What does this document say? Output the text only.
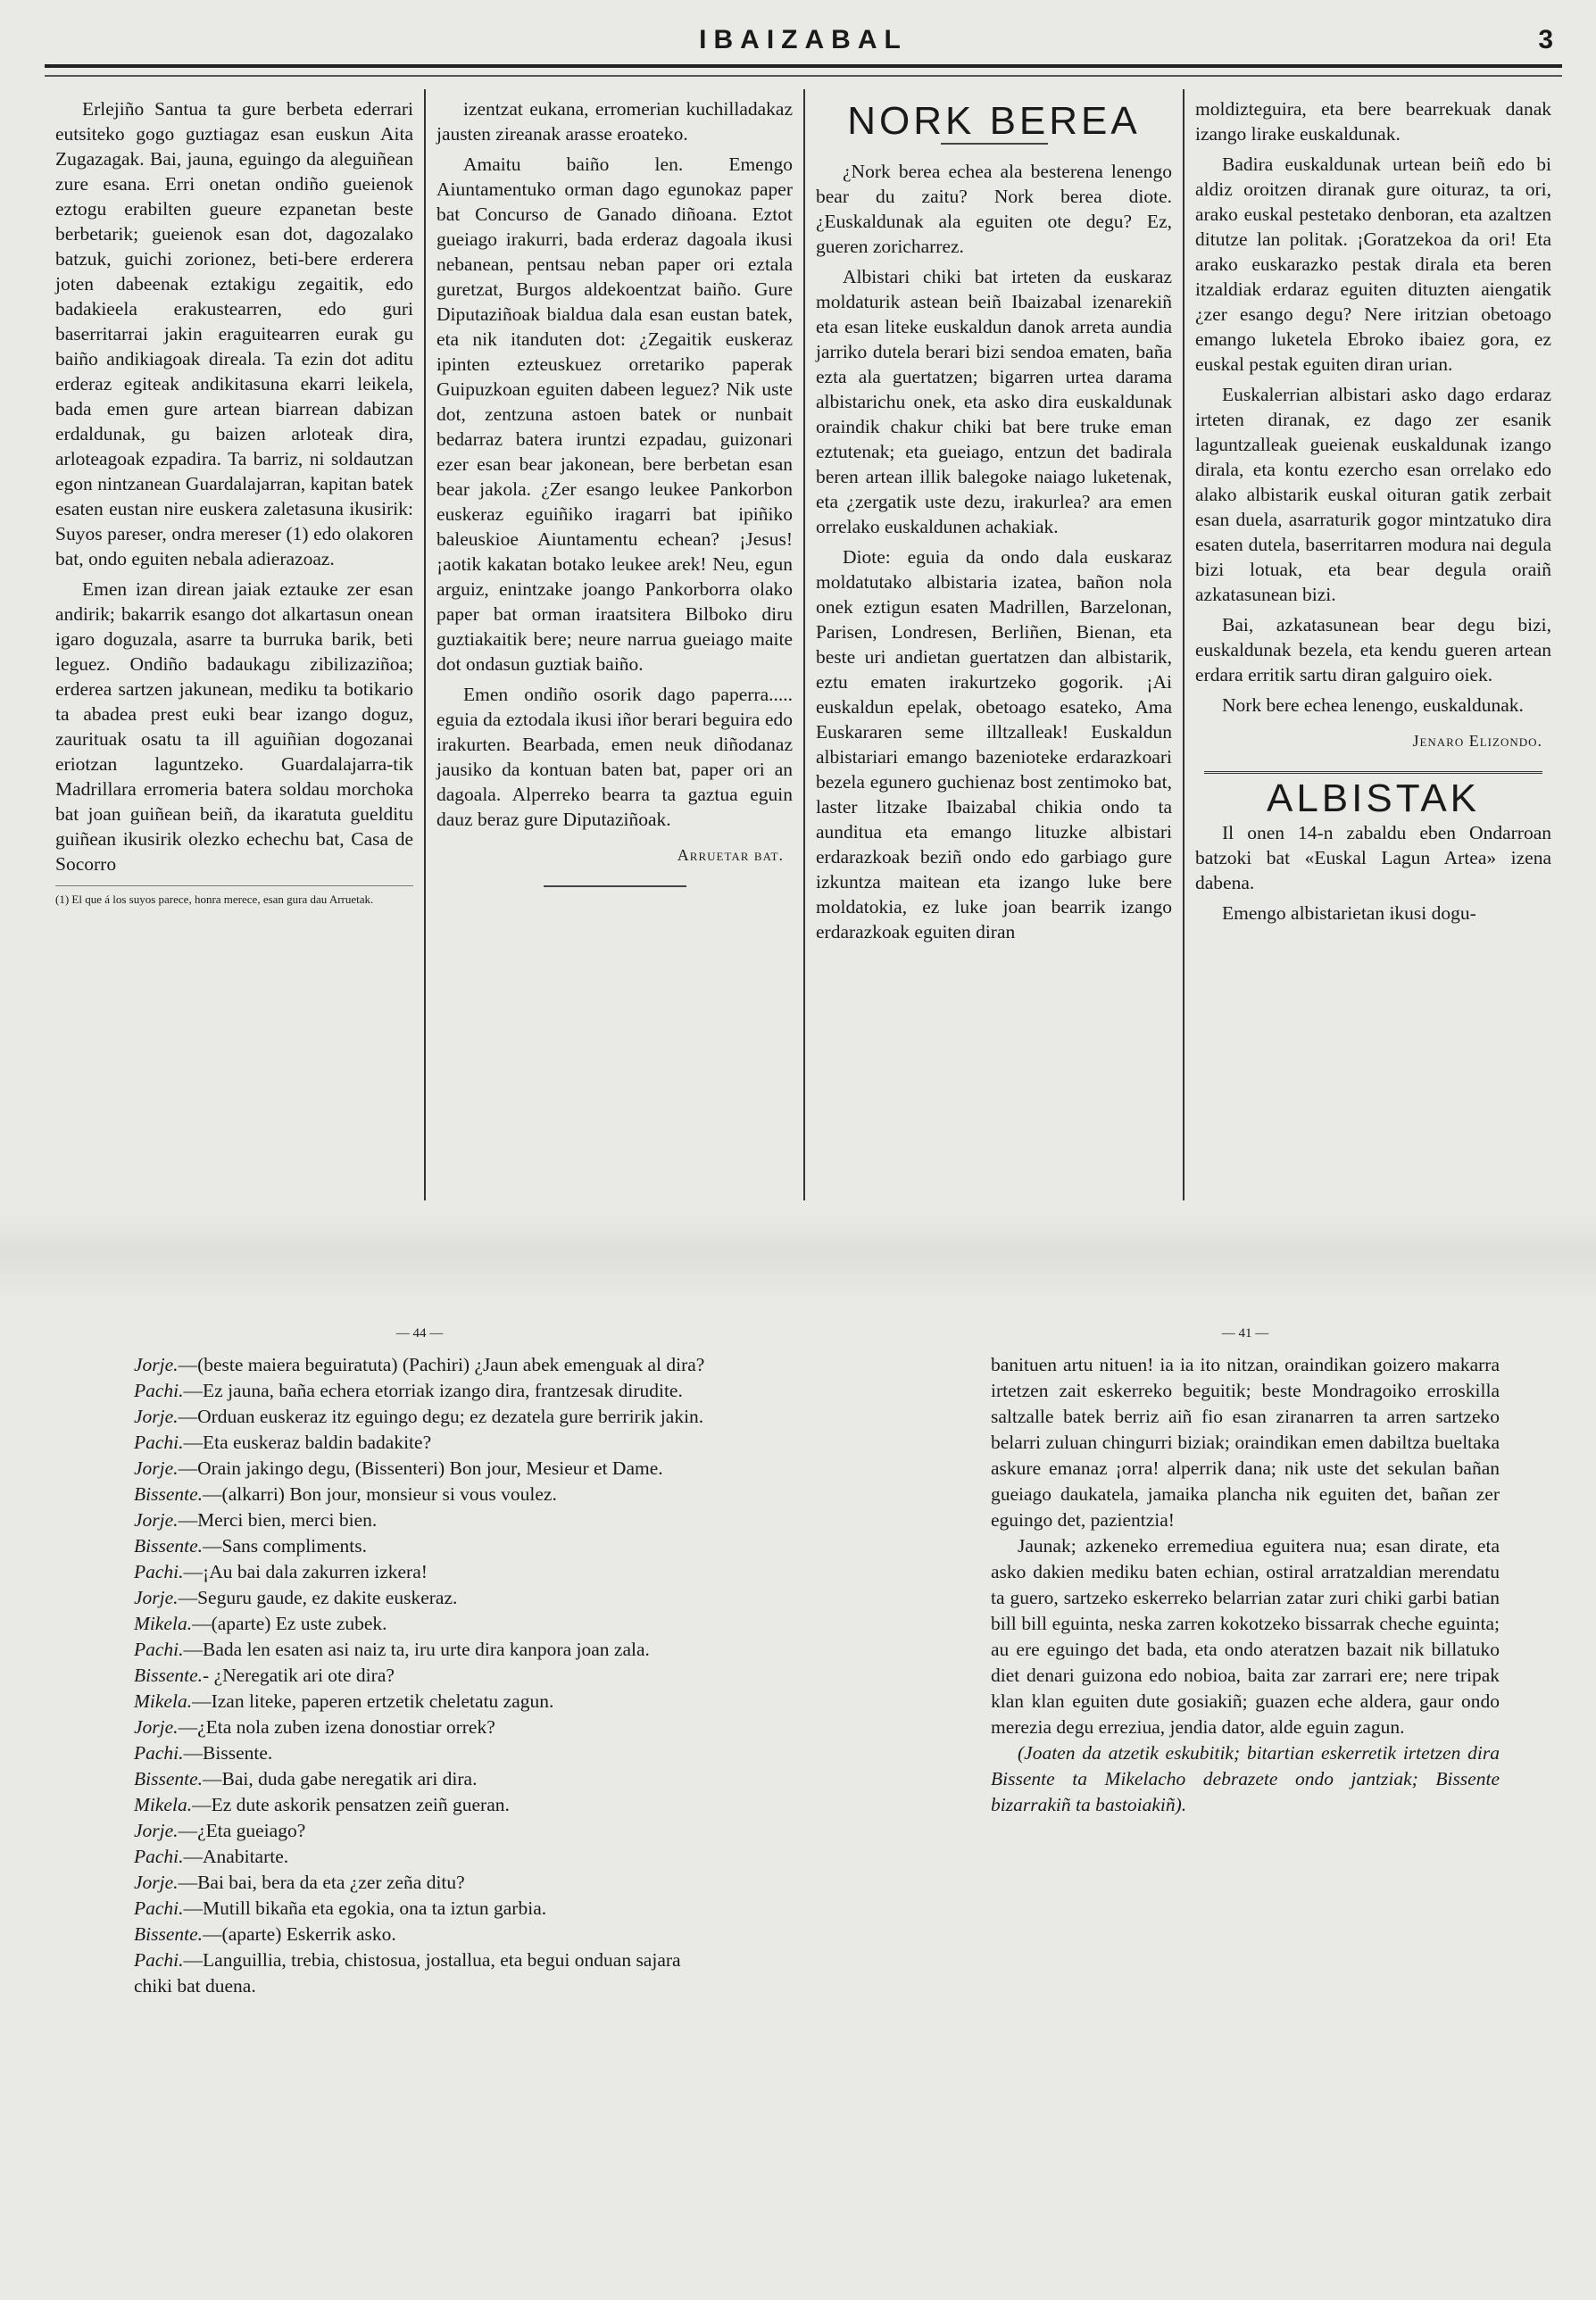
IBAIZABAL	3

Erlejiño Santua ta gure berbeta ederrari eutsiteko gogo guztiagaz esan euskun Aita Zugazagak. Bai, jauna, eguingo da aleguiñean zure esana. Erri onetan ondiño gueienok eztogu erabilten gueure ezpanetan beste berbetarik; gueienok esan dot, dagozalako batzuk, guichi zorionez, beti-bere erderera joten dabeenak eztakigu zegaitik, edo badakieela erakustearren, edo guri baserritarrai jakin eraguitearren eurak gu baiño andikiagoak direala. Ta ezin dot aditu erderaz egiteak andikitasuna ekarri leikela, bada emen gure artean biarrean dabizan erdaldunak, gu baizen arloteak dira, arloteagoak ezpadira. Ta barriz, ni soldautzan egon nintzanean Guardalajarran, kapitan batek esaten eustan nire euskera zaletasuna ikusirik: Suyos pareser, ondra mereser (1) edo olakoren bat, ondo eguiten nebala adierazoaz.

Emen izan direan jaiak eztauke zer esan andirik; bakarrik esango dot alkartasun onean igaro doguzala, asarre ta burruka barik, beti leguez. Ondiño badaukagu zibilizaziñoa; erderea sartzen jakunean, mediku ta botikario ta abadea prest euki bear izango doguz, zaurituak osatu ta ill aguiñian dogozanai eriotzan laguntzeko. Guardalajarra-tik Madrillara erromeria batera soldau morchoka bat joan guiñean beiñ, da ikaratuta guelditu guiñean ikusirik olezko echechu bat, Casa de Socorro

(1) El que á los suyos parece, honra merece, esan gura dau Arruetak.

izentzat eukana, erromerian kuchilladakaz jausten zireanak arasse eroateko.

Amaitu baiño len. Emengo Aiuntamentuko orman dago egunokaz paper bat Concurso de Ganado diñoana. Eztot gueiago irakurri, bada erderaz dagoala ikusi nebanean, pentsau neban paper ori eztala guretzat, Burgos aldekoentzat baiño. Gure Diputaziñoak bialdua dala esan eustan batek, eta nik itanduten dot: ¿Zegaitik euskeraz ipinten ezteuskuez orretariko paperak Guipuzkoan eguiten dabeen leguez? Nik uste dot, zentzuna astoen batek or nunbait bedarraz batera iruntzi ezpadau, guizonari ezer esan bear jakonean, bere berbetan esan bear jakola. ¿Zer esango leukee Pankorbon euskeraz eguiñiko iragarri bat ipiñiko baleuskioe Aiuntamentu echean? ¡Jesus! ¡aotik kakatan botako leukee arek! Neu, egun arguiz, enintzake joango Pankorborra olako paper bat orman iraatsitera Bilboko diru guztiakaitik bere; neure narrua gueiago maite dot ondasun guztiak baiño.

Emen ondiño osorik dago paperra..... eguia da eztodala ikusi iñor berari beguira edo irakurten. Bearbada, emen neuk diñodanaz jausiko da kontuan baten bat, paper ori an dagoala. Alperreko bearra ta gaztua eguin dauz beraz gure Diputaziñoak.

Arruetar bat.
NORK BEREA

¿Nork berea echea ala besterena lenengo bear du zaitu? Nork berea diote. ¿Euskaldunak ala eguiten ote degu? Ez, gueren zoricharrez.

Albistari chiki bat irteten da euskaraz moldaturik astean beiñ Ibaizabal izenarekiñ eta esan liteke euskaldun danok arreta aundia jarriko dutela berari bizi sendoa ematen, baña ezta ala guertatzen; bigarren urtea darama albistarichu onek, eta asko dira euskaldunak oraindik chakur chiki bat bere truke eman eztutenak; eta gueiago, entzun det badirala beren artean illik balegoke naiago luketenak, eta ¿zergatik uste dezu, irakurlea? ara emen orrelako euskaldunen achakiak.

Diote: eguia da ondo dala euskaraz moldatutako albistaria izatea, bañon nola onek eztigun esaten Madrillen, Barzelonan, Parisen, Londresen, Berliñen, Bienan, eta beste uri andietan guertatzen dan albistarik, eztu ematen irakurtzeko gogorik. ¡Ai euskaldun epelak, obetoago esateko, Ama Euskararen seme illtzalleak! Euskaldun albistariari emango bazenioteke erdarazkoari bezela egunero guchienaz bost zentimoko bat, laster litzake Ibaizabal chikia ondo ta aunditua eta emango lituzke albistari erdarazkoak beziñ ondo edo garbiago gure izkuntza maitean eta izango luke bere moldatokia, ez luke joan bearrik izango erdarazkoak eguiten diran

moldizteguira, eta bere bearrekuak danak izango lirake euskaldunak.

Badira euskaldunak urtean beiñ edo bi aldiz oroitzen diranak gure oituraz, ta ori, arako euskal pestetako denboran, eta azaltzen ditutze lan politak. ¡Goratzekoa da ori! Eta arako euskarazko pestak dirala eta beren itzaldiak erdaraz eguiten dituzten aiengatik ¿zer esango degu? Nere iritzian obetoago emango luketela Ebroko ibaiez gora, ez euskal pestak eguiten diran urian.

Euskalerrian albistari asko dago erdaraz irteten diranak, ez dago zer esanik laguntzalleak gueienak euskaldunak izango dirala, eta kontu ezercho esan orrelako edo alako albistarik euskal oituran gatik zerbait esan duela, asarraturik gogor mintzatuko dira esaten dutela, baserritarren modura nai degula bizi lotuak, eta bear degula oraiñ azkatasunean bizi.

Bai, azkatasunean bear degu bizi, euskaldunak bezela, eta kendu gueren artean erdara erritik sartu diran galguiro oiek.

Nork bere echea lenengo, euskaldunak.

Jenaro Elizondo.
ALBISTAK

Il onen 14-n zabaldu eben Ondarroan batzoki bat «Euskal Lagun Artea» izena dabena.

Emengo albistarietan ikusi dogu-

— 44 —
Jorje.—(beste maiera beguiratuta) (Pachiri) ¿Jaun abek emenguak al dira?
Pachi.—Ez jauna, baña echera etorriak izango dira, frantzesak dirudite.
Jorje.—Orduan euskeraz itz eguingo degu; ez dezatela gure berririk jakin.
Pachi.—Eta euskeraz baldin badakite?
Jorje.—Orain jakingo degu, (Bissenteri) Bon jour, Mesieur et Dame.
Bissente.—(alkarri) Bon jour, monsieur si vous voulez.
Jorje.—Merci bien, merci bien.
Bissente.—Sans compliments.
Pachi.—¡Au bai dala zakurren izkera!
Jorje.—Seguru gaude, ez dakite euskeraz.
Mikela.—(aparte) Ez uste zubek.
Pachi.—Bada len esaten asi naiz ta, iru urte dira kanpora joan zala.
Bissente.- ¿Neregatik ari ote dira?
Mikela.—Izan liteke, paperen ertzetik cheletatu zagun.
Jorje.—¿Eta nola zuben izena donostiar orrek?
Pachi.—Bissente.
Bissente.—Bai, duda gabe neregatik ari dira.
Mikela.—Ez dute askorik pensatzen zeiñ gueran.
Jorje.—¿Eta gueiago?
Pachi.—Anabitarte.
Jorje.—Bai bai, bera da eta ¿zer zeña ditu?
Pachi.—Mutill bikaña eta egokia, ona ta iztun garbia.
Bissente.—(aparte) Eskerrik asko.
Pachi.—Languillia, trebia, chistosua, jostallua, eta begui onduan sajara chiki bat duena.
— 41 —

banituen artu nituen! ia ia ito nitzan, oraindikan goizero makarra irtetzen zait eskerreko beguitik; beste Mondragoiko erroskilla saltzalle batek berriz aiñ fio esan ziranarren ta arren sartzeko belarri zuluan chingurri biziak; oraindikan emen dabiltza bueltaka askure emanaz ¡orra! alperrik dana; nik uste det sekulan bañan gueiago daukatela, jamaika plancha nik eguiten det, bañan zer eguingo det, pazientzia!

Jaunak; azkeneko erremediua eguitera nua; esan dirate, eta asko dakien mediku baten echian, ostiral arratzaldian merendatu ta guero, sartzeko eskerreko belarrian zatar zuri chiki garbi batian bill bill eguinta, neska zarren kokotzeko bissarrak cheche eguinta; au ere eguingo det bada, eta ondo ateratzen bazait nik billatuko diet denari guizona edo nobioa, baita zar zarrari ere; nere tripak klan klan eguiten dute gosiakiñ; guazen eche aldera, gaur ondo merezia degu erreziua, jendia dator, alde eguin zagun.

(Joaten da atzetik eskubitik; bitartian eskerretik irtetzen dira Bissente ta Mikelacho debrazete ondo jantziak; Bissente bizarrakiñ ta bastoiakiñ).
